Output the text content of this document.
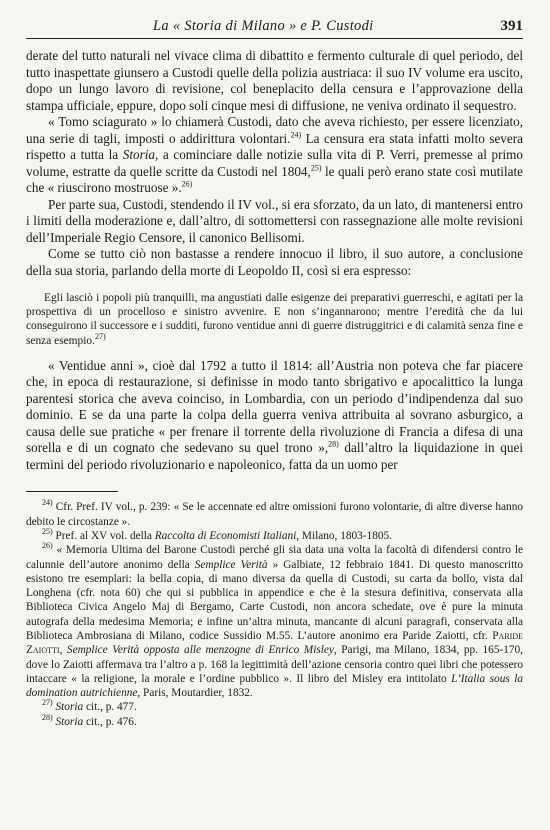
La « Storia di Milano » e P. Custodi	391

derate del tutto naturali nel vivace clima di dibattito e fermento culturale di quel periodo, del tutto inaspettate giunsero a Custodi quelle della polizia austriaca: il suo IV volume era uscito, dopo un lungo lavoro di revisione, col beneplacito della censura e l’approvazione della stampa ufficiale, eppure, dopo soli cinque mesi di diffusione, ne veniva ordinato il sequestro.

« Tomo sciagurato » lo chiamerà Custodi, dato che aveva richiesto, per essere licenziato, una serie di tagli, imposti o addirittura volontari.$^{24)}$ La censura era stata infatti molto severa rispetto a tutta la Storia, a cominciare dalle notizie sulla vita di P. Verri, premesse al primo volume, estratte da quelle scritte da Custodi nel 1804,$^{25)}$ le quali però erano state così mutilate che « riuscirono mostruose ».$^{26)}$

Per parte sua, Custodi, stendendo il IV vol., si era sforzato, da un lato, di mantenersi entro i limiti della moderazione e, dall’altro, di sottomettersi con rassegnazione alle molte revisioni dell’Imperiale Regio Censore, il canonico Bellisomi.

Come se tutto ciò non bastasse a rendere innocuo il libro, il suo autore, a conclusione della sua storia, parlando della morte di Leopoldo II, così si era espresso:

Egli lasciò i popoli più tranquilli, ma angustiati dalle esigenze dei preparativi guerreschi, e agitati per la prospettiva di un procelloso e sinistro avvenire. E non s’ingannarono; mentre l’eredità che da lui conseguirono il successore e i sudditi, furono ventidue anni di guerre distruggitrici e di calamità senza fine e senza esempio.$^{27)}$

« Ventidue anni », cioè dal 1792 a tutto il 1814: all’Austria non poteva che far piacere che, in epoca di restaurazione, si definisse in modo tanto sbrigativo e apocalittico la lunga parentesi storica che aveva coinciso, in Lombardia, con un periodo d’indipendenza dal suo dominio. E se da una parte la colpa della guerra veniva attribuita al sovrano asburgico, a causa delle sue pratiche « per frenare il torrente della rivoluzione di Francia a difesa di una sorella e di un cognato che sedevano su quel trono »,$^{28)}$ dall’altro la liquidazione in quei termini del periodo rivoluzionario e napoleonico, fatta da un uomo per

$^{24)}$ Cfr. Pref. IV vol., p. 239: « Se le accennate ed altre omissioni furono volontarie, di altre diverse hanno debito le circostanze ».

$^{25)}$ Pref. al XV vol. della Raccolta di Economisti Italiani, Milano, 1803-1805.

$^{26)}$ « Memoria Ultima del Barone Custodi perché gli sia data una volta la facoltà di difendersi contro le calunnie dell’autore anonimo della Semplice Verità » Galbiate, 12 febbraio 1841. Di questo manoscritto esistono tre esemplari: la bella copia, di mano diversa da quella di Custodi, su carta da bollo, vista dal Longhena (cfr. nota 60) che qui si pubblica in appendice e che è la stesura definitiva, conservata alla Biblioteca Civica Angelo Maj di Bergamo, Carte Custodi, non ancora schedate, ove è pure la minuta autografa della medesima Memoria; e infine un’altra minuta, mancante di alcuni paragrafi, conservata alla Biblioteca Ambrosiana di Milano, codice Sussidio M.55. L’autore anonimo era Paride Zaiotti, cfr. Paride Zaiotti, Semplice Verità opposta alle menzogne di Enrico Misley, Parigi, ma Milano, 1834, pp. 165-170, dove lo Zaiotti affermava tra l’altro a p. 168 la legittimità dell’azione censoria contro quei libri che potessero intaccare « la religione, la morale e l’ordine pubblico ». Il libro del Misley era intitolato L’Italia sous la domination autrichienne, Paris, Moutardier, 1832.

$^{27)}$ Storia cit., p. 477.

$^{28)}$ Storia cit., p. 476.
